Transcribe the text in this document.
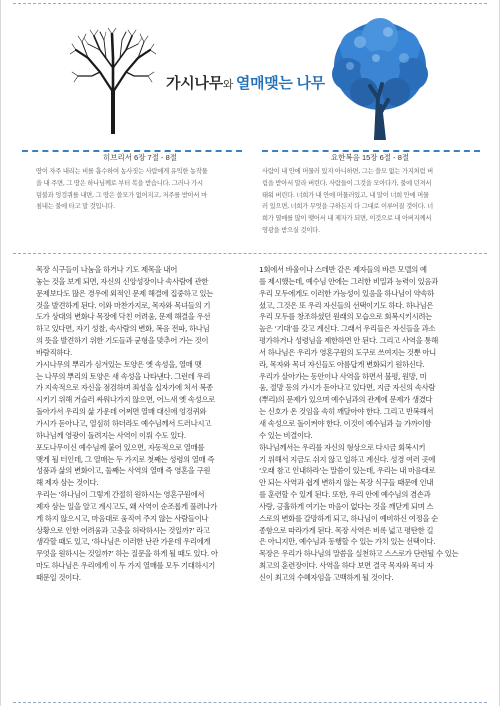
가시나무와 열매맺는 나무
히브리서 6장 7절 - 8절	요한복음 15장 6절 - 8절
땅이 자주 내리는 비를 흡수하여 농사짓는 사람에게 유익한 농작물
을 내 주면, 그 땅은 하나님께로 부터 복을 받습니다. 그러나 가시
덤불과 엉겅퀴를 내면, 그 땅은 쓸모가 없어지고, 저주를 받아서 마
침내는 불에 타고 말 것입니다.
사람이 내 안에 머물러 있지 아니하면, 그는 쓸모 없는 가지처럼 버
림을 받아서 말라 버린다. 사람들이 그것을 모아다가, 불에 던져서
태워 버린다. 너희가 내 안에 머물러있고, 내 말이 너희 안에 머물
러 있으면, 너희가 무엇을 구하든지 다 그대로 이루어질 것이다. 너
희가 열매를 많이 맺어서 내 제자가 되면, 이것으로 내 아버지께서
영광을 받으실 것이다.
목장 식구들이 나눔을 하거나 기도 제목을 내어
놓는 것을 보게 되면, 자신의 신앙성장이나 속사람에 관한
문제보다도 많은 경우에 외적인 문제 해결에 집중하고 있는
것을 발견하게 된다. 이와 마찬가지로, 목자와 목녀들의 기
도가 상대의 변화나 목장에 닥친 어려움, 문제 해결을 우선
하고 있다면, 자기 성찰, 속사람의 변화, 복음 전파, 하나님
의 뜻을 발견하기 위한 기도들과 균형을 맞추어 가는 것이
바람직하다.
가시나무의 뿌리가 심겨있는 토양은 옛 속성을, 열매 맺
는 나무의 뿌리의 토양은 새 속성을 나타낸다. 그런데 우리
가 지속적으로 자신을 점검하며 죄성을 십자가에 처서 복종
시키기 위해 거슬러 싸워나가지 않으면, 어느새 옛 속성으로
돌아가서 우리의 삶 가운데 어쩌면 열매 대신에 엉겅퀴와
가시가 돋아나고, 열심히 하더라도 예수님께서 드러나시고
하나님께 영광이 돌려지는 사역이 이뤄 수도 있다.
포도나무이신 예수님께 붙어 있으면, 자동적으로 열매를
맺게 될 터인데, 그 열매는 두 가지로 첫째는 성령의 열매 즉
성품과 삶의 변화이고, 둘째는 사역의 열매 즉 영혼을 구원
해 제자 삼는 것이다.
우리는 ‘하나님이 그렇게 간절히 원하시는 영혼구원에서
제자 삼는 일을 알고 계시고도, 왜 사역이 순조롭게 풀려나가
게 하지 않으시고, 마음대로 움직여 주지 않는 사람들이나
상황으로 인한 어려움과 고충을 허락하시는 것일까?’ 라고
생각할 때도 있고, ‘하나님은 이러한 난관 가운데 우리에게
무엇을 원하시는 것일까?’ 하는 질문을 하게 될 때도 있다. 아
마도 하나님은 우리에게 이 두 가지 열매를 모두 기대하시기
때문일 것이다.
1회에서 바울이나 스데반 같은 제자들의 바른 모델의 예
를 제시했는데, 예수님 안에는 그러한 비밀과 능력이 있음과
우리 모두에게도 이러한 가능성이 있음을 하나님이 약속하
셨고, 그것은 또 우리 자신들의 선택이기도 하다. 하나님은
우리 모두를 창조하셨던 원래의 모습으로 회복시키시려는
높은 ‘기대’를 갖고 계신다. 그래서 우리들은 자신들을 과소
평가하거나 성령님을 제한하면 안 된다. 그리고 사역을 통해
서 하나님은 우리가 영혼구원의 도구로 쓰여지는 것뿐 아니
라, 목자와 목녀 자신들도 아름답게 변화되기 원하신다.
우리가 살아가는 동안이나 사역을 하면서 불평, 원망, 미
움, 절망 등의 가시가 돋아나고 있다면, 지금 자신의 속사람
(뿌리)의 문제가 있으며 예수님과의 관계에 문제가 생겼다
는 신호가 온 것임을 속히 깨달아야 한다. 그리고 반복해서
새 속성으로 돌이켜야 한다. 이것이 예수님과 늘 가까이함
수 있는 비결이다.
하나님께서는 우리를 자신의 형상으로 다시금 회복시키
기 위해서 지금도 쉬지 않고 일하고 계신다. 성경 여러 곳에
‘오래 참고 인내하라’는 말씀이 있는데, 우리는 내 마음대로
안 되는 사역과 쉽게 변하지 않는 목장 식구들 때문에 인내
를 훈련할 수 있게 된다. 또한, 우리 안에 예수님의 겸손과
사랑, 긍휼하게 여기는 마음이 없다는 것을 깨닫게 되며 스
스로의 변화를 갈망하게 되고, 하나님이 예비하신 여정을 순
종함으로 따라가게 된다. 목장 사역은 비록 넓고 평탄한 길
은 아니지만, 예수님과 동행할 수 있는 가치 있는 선택이다.
목장은 우리가 하나님의 말씀을 실천하고 스스로가 단련될 수 있는
최고의 훈련장이다. 사역을 하다 보면 결국 목자와 목녀 자
신이 최고의 수혜자임을 고백하게 될 것이다.
